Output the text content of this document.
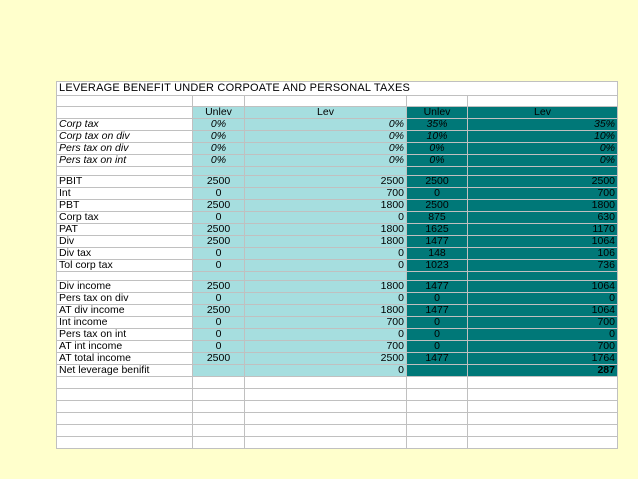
LEVERAGE BENEFIT UNDER CORPOATE AND PERSONAL TAXES				

	Unlev	Lev	Unlev	Lev
Corp tax	0%	0%	35%	35%
Corp tax on div	0%	0%	10%	10%
Pers tax on div	0%	0%	0%	0%
Pers tax on int	0%	0%	0%	0%

PBIT	2500	2500	2500	2500
Int	0	700	0	700
PBT	2500	1800	2500	1800
Corp tax	0	0	875	630
PAT	2500	1800	1625	1170
Div	2500	1800	1477	1064
Div tax	0	0	148	106
Tol corp tax	0	0	1023	736

Div income	2500	1800	1477	1064
Pers tax on div	0	0	0	0
AT div income	2500	1800	1477	1064
Int income	0	700	0	700
Pers tax on int	0	0	0	0
AT int income	0	700	0	700
AT total income	2500	2500	1477	1764
Net leverage benifit		0		287
